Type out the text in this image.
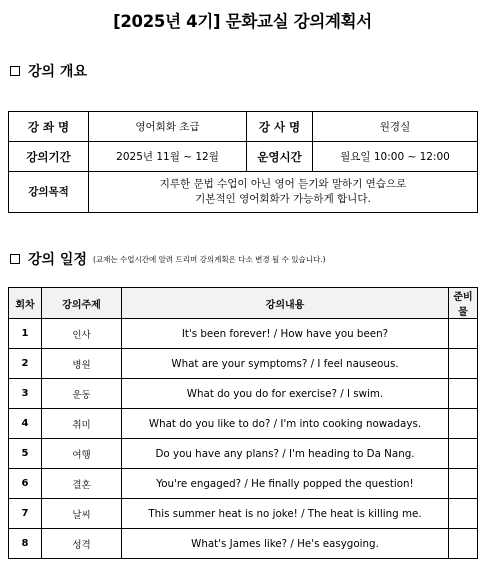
[2025년 4기] 문화교실 강의계획서
강의 개요
강 좌 명	영어회화 초급	강 사 명	원경실
강의기간	2025년 11월 ~ 12월	운영시간	월요일 10:00 ~ 12:00
강의목적	지루한 문법 수업이 아닌 영어 듣기와 말하기 연습으로
기본적인 영어회화가 가능하게 합니다.		
강의 일정 (교재는 수업시간에 알려 드리며 강의계획은 다소 변경 될 수 있습니다.)
회차	강의주제	강의내용	준비물
1	인사	It's been forever! / How have you been?	
2	병원	What are your symptoms? / I feel nauseous.	
3	운동	What do you do for exercise? / I swim.	
4	취미	What do you like to do? / I'm into cooking nowadays.	
5	여행	Do you have any plans? / I'm heading to Da Nang.	
6	결혼	You're engaged? / He finally popped the question!	
7	날씨	This summer heat is no joke! / The heat is killing me.	
8	성격	What's James like? / He's easygoing.	
